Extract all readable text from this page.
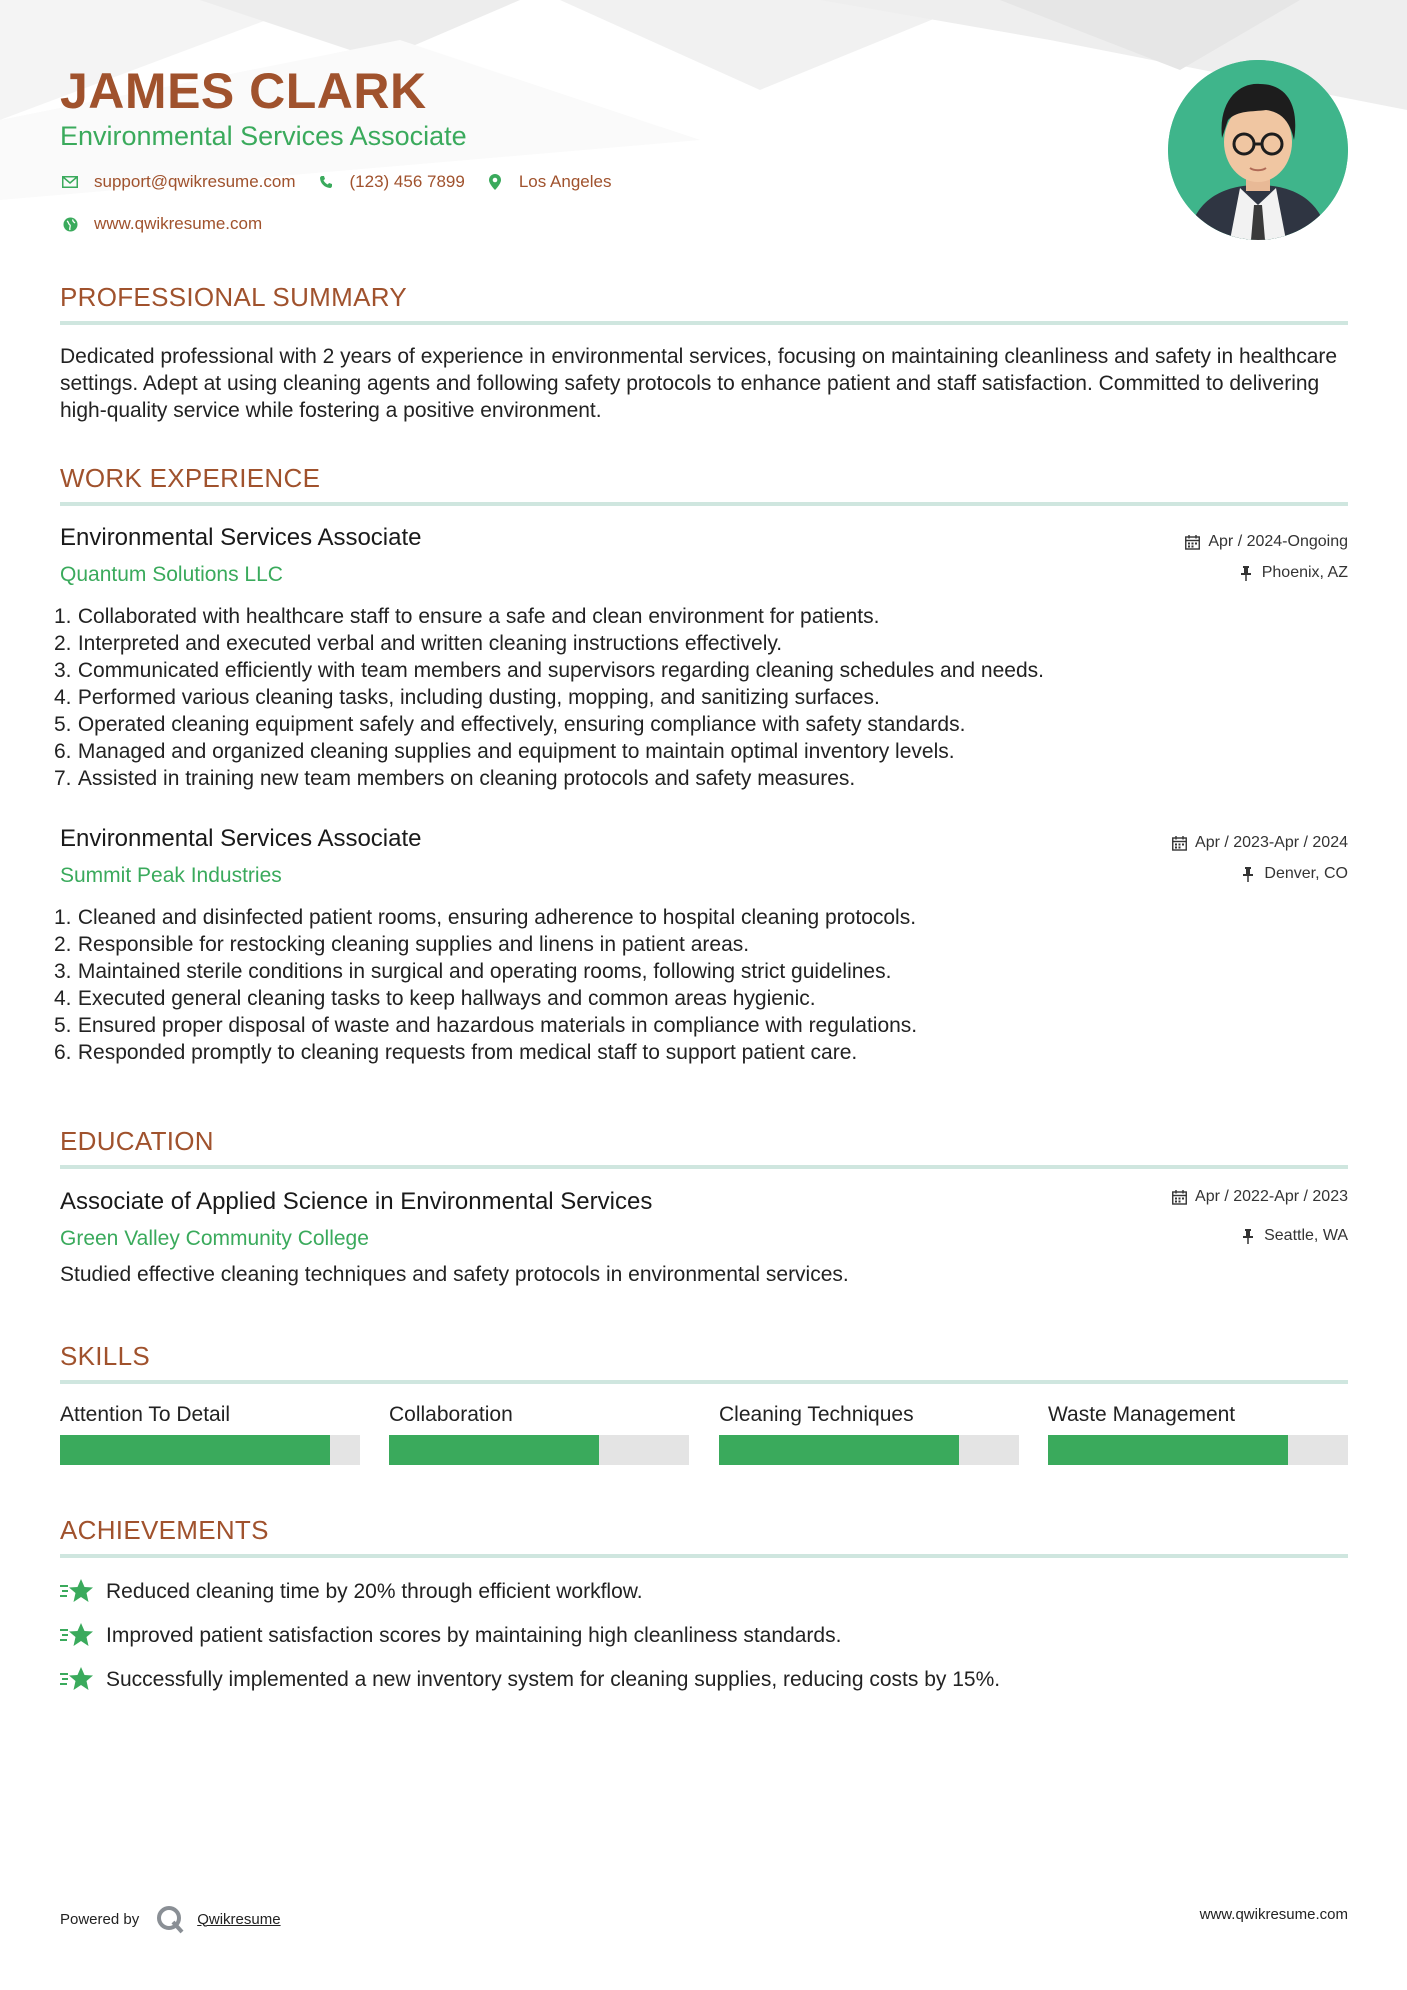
JAMES CLARK
Environmental Services Associate
support@qwikresume.com	(123) 456 7899	Los Angeles
www.qwikresume.com
PROFESSIONAL SUMMARY
Dedicated professional with 2 years of experience in environmental services, focusing on maintaining cleanliness and safety in healthcare settings. Adept at using cleaning agents and following safety protocols to enhance patient and staff satisfaction. Committed to delivering high-quality service while fostering a positive environment.
WORK EXPERIENCE
Environmental Services Associate
Quantum Solutions LLC
Apr / 2024-Ongoing
Phoenix, AZ
1.
Collaborated with healthcare staff to ensure a safe and clean environment for patients.
2.
Interpreted and executed verbal and written cleaning instructions effectively.
3.
Communicated efficiently with team members and supervisors regarding cleaning schedules and needs.
4.
Performed various cleaning tasks, including dusting, mopping, and sanitizing surfaces.
5.
Operated cleaning equipment safely and effectively, ensuring compliance with safety standards.
6.
Managed and organized cleaning supplies and equipment to maintain optimal inventory levels.
7.
Assisted in training new team members on cleaning protocols and safety measures.
Environmental Services Associate
Summit Peak Industries
Apr / 2023-Apr / 2024
Denver, CO
1.
Cleaned and disinfected patient rooms, ensuring adherence to hospital cleaning protocols.
2.
Responsible for restocking cleaning supplies and linens in patient areas.
3.
Maintained sterile conditions in surgical and operating rooms, following strict guidelines.
4.
Executed general cleaning tasks to keep hallways and common areas hygienic.
5.
Ensured proper disposal of waste and hazardous materials in compliance with regulations.
6.
Responded promptly to cleaning requests from medical staff to support patient care.
EDUCATION
Associate of Applied Science in Environmental Services
Green Valley Community College
Apr / 2022-Apr / 2023
Seattle, WA
Studied effective cleaning techniques and safety protocols in environmental services.
SKILLS
Attention To Detail	Collaboration	Cleaning Techniques	Waste Management
ACHIEVEMENTS
Reduced cleaning time by 20% through efficient workflow.
Improved patient satisfaction scores by maintaining high cleanliness standards.
Successfully implemented a new inventory system for cleaning supplies, reducing costs by 15%.
Powered by	Qwikresume	www.qwikresume.com
